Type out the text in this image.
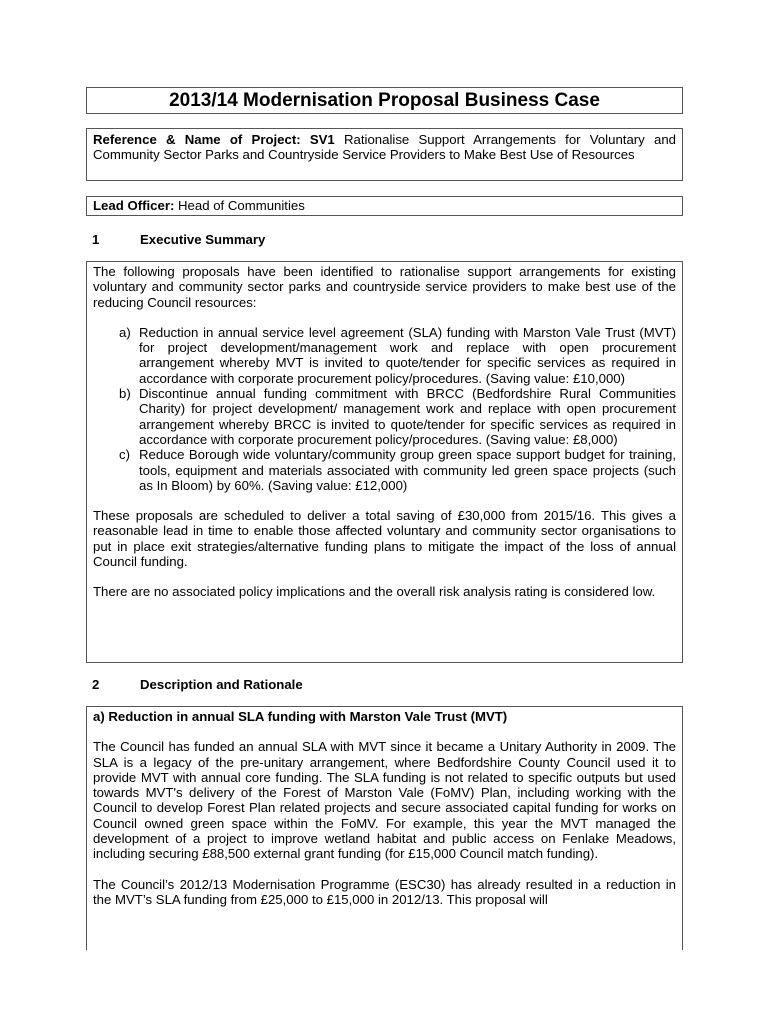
2013/14 Modernisation Proposal Business Case

Reference & Name of Project: SV1 Rationalise Support Arrangements for Voluntary and Community Sector Parks and Countryside Service Providers to Make Best Use of Resources

Lead Officer: Head of Communities
1	Executive Summary

The following proposals have been identified to rationalise support arrangements for existing voluntary and community sector parks and countryside service providers to make best use of the reducing Council resources:

a) Reduction in annual service level agreement (SLA) funding with Marston Vale Trust (MVT) for project development/management work and replace with open procurement arrangement whereby MVT is invited to quote/tender for specific services as required in accordance with corporate procurement policy/procedures. (Saving value: £10,000)
b) Discontinue annual funding commitment with BRCC (Bedfordshire Rural Communities Charity) for project development/ management work and replace with open procurement arrangement whereby BRCC is invited to quote/tender for specific services as required in accordance with corporate procurement policy/procedures. (Saving value: £8,000)
c) Reduce Borough wide voluntary/community group green space support budget for training, tools, equipment and materials associated with community led green space projects (such as In Bloom) by 60%. (Saving value: £12,000)

These proposals are scheduled to deliver a total saving of £30,000 from 2015/16. This gives a reasonable lead in time to enable those affected voluntary and community sector organisations to put in place exit strategies/alternative funding plans to mitigate the impact of the loss of annual Council funding.

There are no associated policy implications and the overall risk analysis rating is considered low.

2	Description and Rationale

a) Reduction in annual SLA funding with Marston Vale Trust (MVT)

The Council has funded an annual SLA with MVT since it became a Unitary Authority in 2009. The SLA is a legacy of the pre-unitary arrangement, where Bedfordshire County Council used it to provide MVT with annual core funding. The SLA funding is not related to specific outputs but used towards MVT's delivery of the Forest of Marston Vale (FoMV) Plan, including working with the Council to develop Forest Plan related projects and secure associated capital funding for works on Council owned green space within the FoMV. For example, this year the MVT managed the development of a project to improve wetland habitat and public access on Fenlake Meadows, including securing £88,500 external grant funding (for £15,000 Council match funding).

The Council’s 2012/13 Modernisation Programme (ESC30) has already resulted in a reduction in the MVT’s SLA funding from £25,000 to £15,000 in 2012/13. This proposal will
